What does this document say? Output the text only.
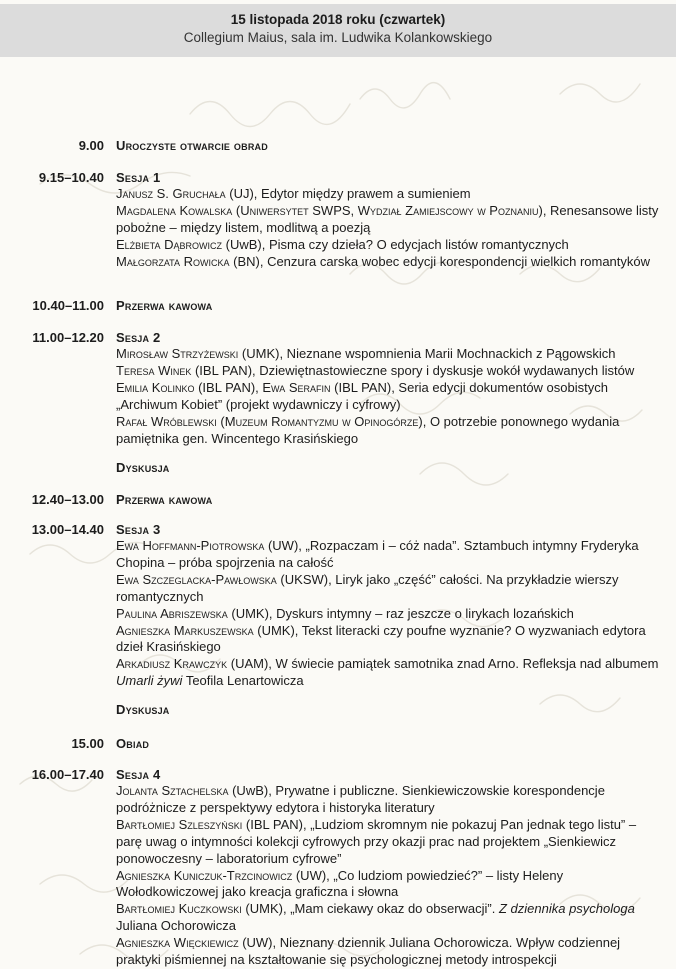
15 listopada 2018 roku (czwartek)
Collegium Maius, sala im. Ludwika Kolankowskiego
9.00 Uroczyste otwarcie obrad
9.15–10.40 Sesja 1

Janusz S. Gruchała (UJ), Edytor między prawem a sumieniem

Magdalena Kowalska (Uniwersytet SWPS, Wydział Zamiejscowy w Poznaniu), Renesansowe listy pobożne – między listem, modlitwą a poezją

Elżbieta Dąbrowicz (UwB), Pisma czy dzieła? O edycjach listów romantycznych

Małgorzata Rowicka (BN), Cenzura carska wobec edycji korespondencji wielkich romantyków

10.40–11.00 Przerwa kawowa
11.00–12.20 Sesja 2

Mirosław Strzyżewski (UMK), Nieznane wspomnienia Marii Mochnackich z Pągowskich

Teresa Winek (IBL PAN), Dziewiętnastowieczne spory i dyskusje wokół wydawanych listów

Emilia Kolinko (IBL PAN), Ewa Serafin (IBL PAN), Seria edycji dokumentów osobistych „Archiwum Kobiet” (projekt wydawniczy i cyfrowy)

Rafał Wróblewski (Muzeum Romantyzmu w Opinogórze), O potrzebie ponownego wydania pamiętnika gen. Wincentego Krasińskiego

Dyskusja
12.40–13.00 Przerwa kawowa
13.00–14.40 Sesja 3

Ewa Hoffmann-Piotrowska (UW), „Rozpaczam i – cóż nada”. Sztambuch intymny Fryderyka Chopina – próba spojrzenia na całość

Ewa Szczeglacka-Pawłowska (UKSW), Liryk jako „część” całości. Na przykładzie wierszy romantycznych

Paulina Abriszewska (UMK), Dyskurs intymny – raz jeszcze o lirykach lozańskich

Agnieszka Markuszewska (UMK), Tekst literacki czy poufne wyznanie? O wyzwaniach edytora dzieł Krasińskiego

Arkadiusz Krawczyk (UAM), W świecie pamiątek samotnika znad Arno. Refleksja nad albumem Umarli żywi Teofila Lenartowicza

Dyskusja
15.00 Obiad
16.00–17.40 Sesja 4

Jolanta Sztachelska (UwB), Prywatne i publiczne. Sienkiewiczowskie korespondencje podróżnicze z perspektywy edytora i historyka literatury

Bartłomiej Szleszyński (IBL PAN), „Ludziom skromnym nie pokazuj Pan jednak tego listu” – parę uwag o intymności kolekcji cyfrowych przy okazji prac nad projektem „Sienkiewicz ponowoczesny – laboratorium cyfrowe”

Agnieszka Kuniczuk-Trzcinowicz (UW), „Co ludziom powiedzieć?” – listy Heleny Wołodkowiczowej jako kreacja graficzna i słowna

Bartłomiej Kuczkowski (UMK), „Mam ciekawy okaz do obserwacji”. Z dziennika psychologa Juliana Ochorowicza

Agnieszka Więckiewicz (UW), Nieznany dziennik Juliana Ochorowicza. Wpływ codziennej praktyki piśmiennej na kształtowanie się psychologicznej metody introspekcji
